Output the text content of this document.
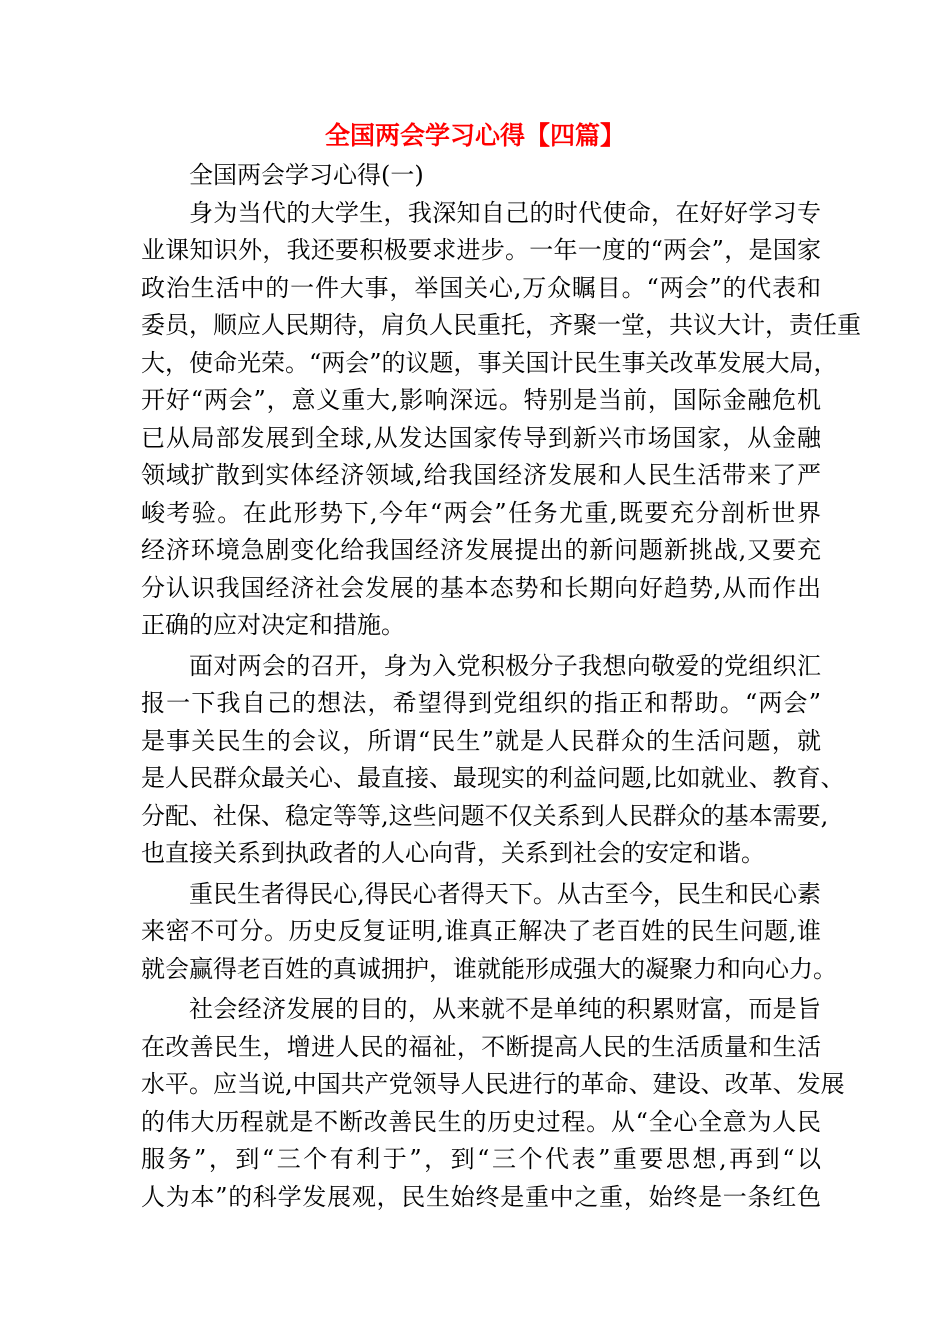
全国两会学习心得【四篇】
全国两会学习心得(一)
身为当代的大学生，我深知自己的时代使命，在好好学习专
业课知识外，我还要积极要求进步。一年一度的“两会”，是国家
政治生活中的一件大事，举国关心,万众瞩目。“两会”的代表和
委员，顺应人民期待，肩负人民重托，齐聚一堂，共议大计，责任重
大，使命光荣。“两会”的议题，事关国计民生事关改革发展大局，
开好“两会”，意义重大,影响深远。特别是当前，国际金融危机
已从局部发展到全球,从发达国家传导到新兴市场国家，从金融
领域扩散到实体经济领域,给我国经济发展和人民生活带来了严
峻考验。在此形势下,今年“两会”任务尤重,既要充分剖析世界
经济环境急剧变化给我国经济发展提出的新问题新挑战,又要充
分认识我国经济社会发展的基本态势和长期向好趋势,从而作出
正确的应对决定和措施。
面对两会的召开，身为入党积极分子我想向敬爱的党组织汇
报一下我自己的想法，希望得到党组织的指正和帮助。“两会”
是事关民生的会议，所谓“民生”就是人民群众的生活问题，就
是人民群众最关心、最直接、最现实的利益问题,比如就业、教育、
分配、社保、稳定等等,这些问题不仅关系到人民群众的基本需要,
也直接关系到执政者的人心向背，关系到社会的安定和谐。
重民生者得民心,得民心者得天下。从古至今，民生和民心素
来密不可分。历史反复证明,谁真正解决了老百姓的民生问题,谁
就会赢得老百姓的真诚拥护，谁就能形成强大的凝聚力和向心力。
社会经济发展的目的，从来就不是单纯的积累财富，而是旨
在改善民生，增进人民的福祉，不断提高人民的生活质量和生活
水平。应当说,中国共产党领导人民进行的革命、建设、改革、发展
的伟大历程就是不断改善民生的历史过程。从“全心全意为人民
服务”，到“三个有利于”，到“三个代表”重要思想,再到“以
人为本”的科学发展观，民生始终是重中之重，始终是一条红色
